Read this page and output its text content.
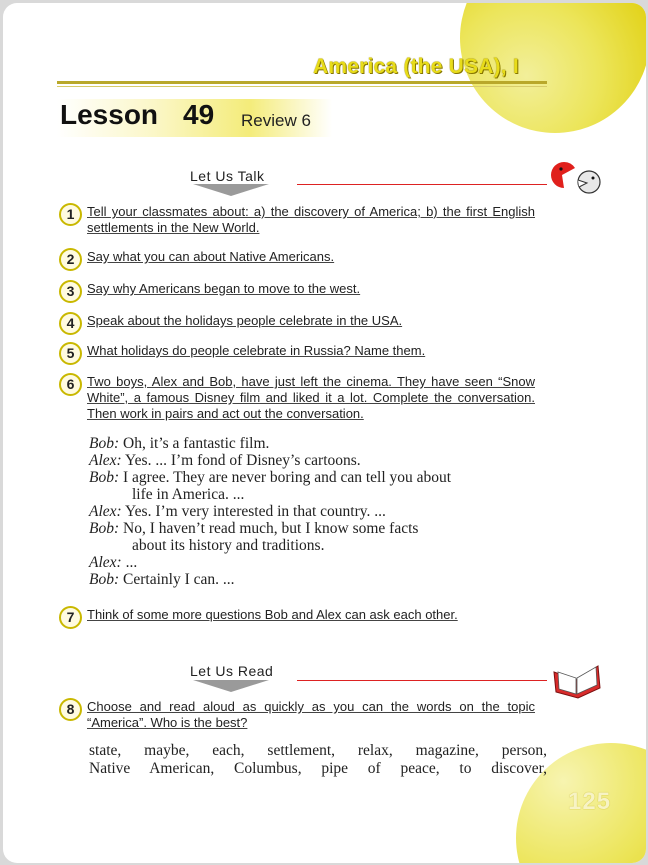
America (the USA), I
Lesson 49 Review 6
Let Us Talk
1 Tell your classmates about: a) the discovery of America; b) the first English settlements in the New World.
2 Say what you can about Native Americans.
3 Say why Americans began to move to the west.
4 Speak about the holidays people celebrate in the USA.
5 What holidays do people celebrate in Russia? Name them.
6 Two boys, Alex and Bob, have just left the cinema. They have seen “Snow White”, a famous Disney film and liked it a lot. Complete the conversation. Then work in pairs and act out the conversation.
Bob: Oh, it’s a fantastic film.
Alex: Yes. ... I’m fond of Disney’s cartoons.
Bob: I agree. They are never boring and can tell you about
life in America. ...
Alex: Yes. I’m very interested in that country. ...
Bob: No, I haven’t read much, but I know some facts
about its history and traditions.
Alex: ...
Bob: Certainly I can. ...
7 Think of some more questions Bob and Alex can ask each other.
Let Us Read
8 Choose and read aloud as quickly as you can the words on the topic “America”. Who is the best?
state, maybe, each, settlement, relax, magazine, person,
Native American, Columbus, pipe of peace, to discover,
125
